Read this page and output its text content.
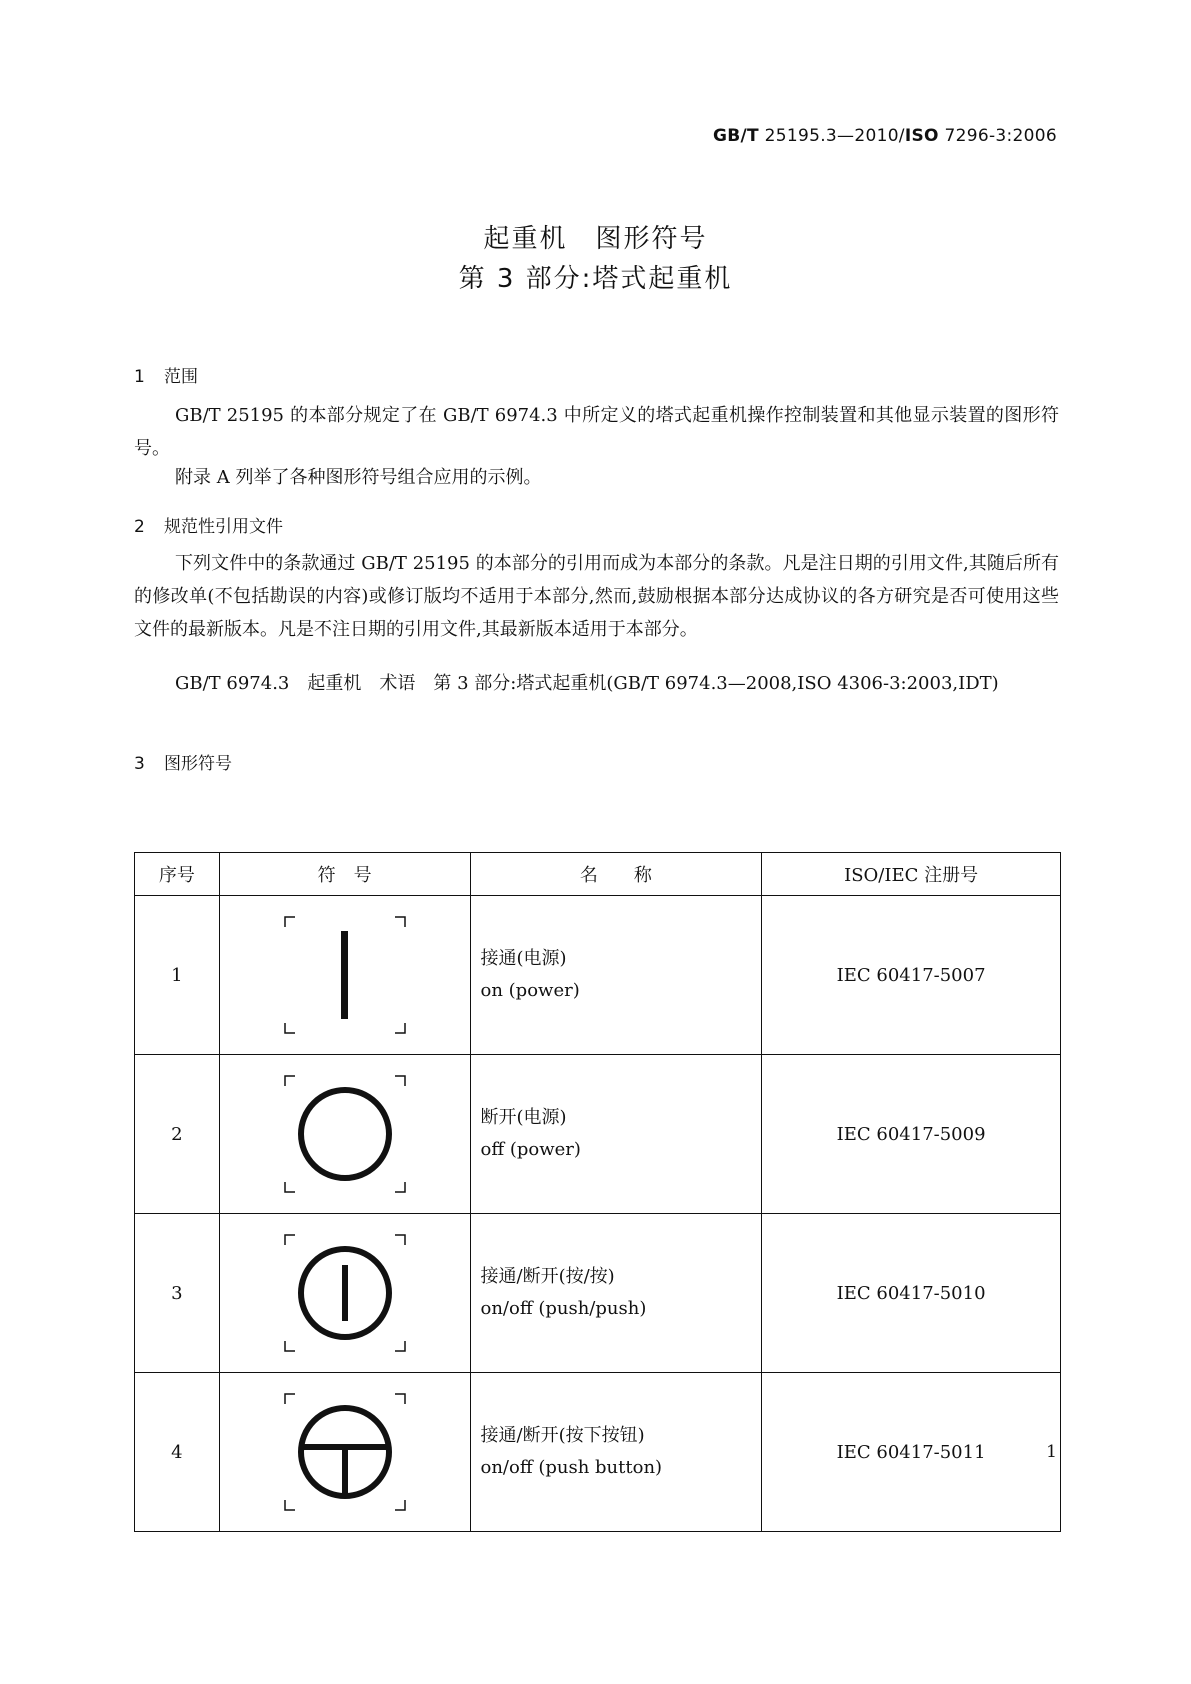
GB/T 25195.3—2010/ISO 7296-3:2006
起重机　图形符号
第 3 部分:塔式起重机
1 范围
GB/T 25195 的本部分规定了在 GB/T 6974.3 中所定义的塔式起重机操作控制装置和其他显示装置的图形符号。
附录 A 列举了各种图形符号组合应用的示例。
2 规范性引用文件
下列文件中的条款通过 GB/T 25195 的本部分的引用而成为本部分的条款。凡是注日期的引用文件,其随后所有的修改单(不包括勘误的内容)或修订版均不适用于本部分,然而,鼓励根据本部分达成协议的各方研究是否可使用这些文件的最新版本。凡是不注日期的引用文件,其最新版本适用于本部分。
GB/T 6974.3　起重机　术语　第 3 部分:塔式起重机(GB/T 6974.3—2008,ISO 4306-3:2003,IDT)
3 图形符号
序号	符　号	名　　称	ISO/IEC 注册号
1		接通(电源)
on (power)	IEC 60417-5007
2		断开(电源)
off (power)	IEC 60417-5009
3		接通/断开(按/按)
on/off (push/push)	IEC 60417-5010
4		接通/断开(按下按钮)
on/off (push button)	IEC 60417-5011	1
